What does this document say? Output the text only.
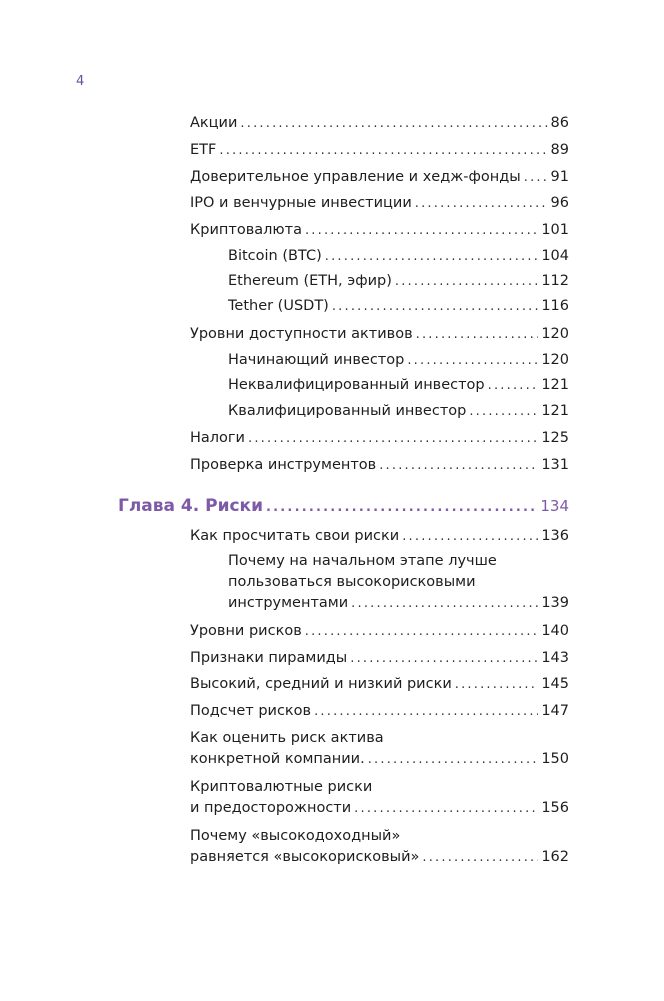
4
Акции .....	86
ETF .....	89
Доверительное управление и хедж-фонды ..... 91
IPO и венчурные инвестиции .....	96
Криптовалюта .....	101
Bitcoin (BTC) .....	104
Ethereum (ETH, эфир) .....	112
Tether (USDT) .....	116
Уровни доступности активов .....	120
Начинающий инвестор .....	120
Неквалифицированный инвестор .....	121
Квалифицированный инвестор .....	121
Налоги .....	125
Проверка инструментов .....	131
Глава 4. Риски .....	134
Как просчитать свои риски .....	136
Почему на начальном этапе лучше
пользоваться высокорисковыми
инструментами .....	139
Уровни рисков .....	140
Признаки пирамиды .....	143
Высокий, средний и низкий риски .....	145
Подсчет рисков .....	147
Как оценить риск актива
конкретной компании. .....	150
Криптовалютные риски
и предосторожности .....	156
Почему «высокодоходный»
равняется «высокорисковый» .....	162
